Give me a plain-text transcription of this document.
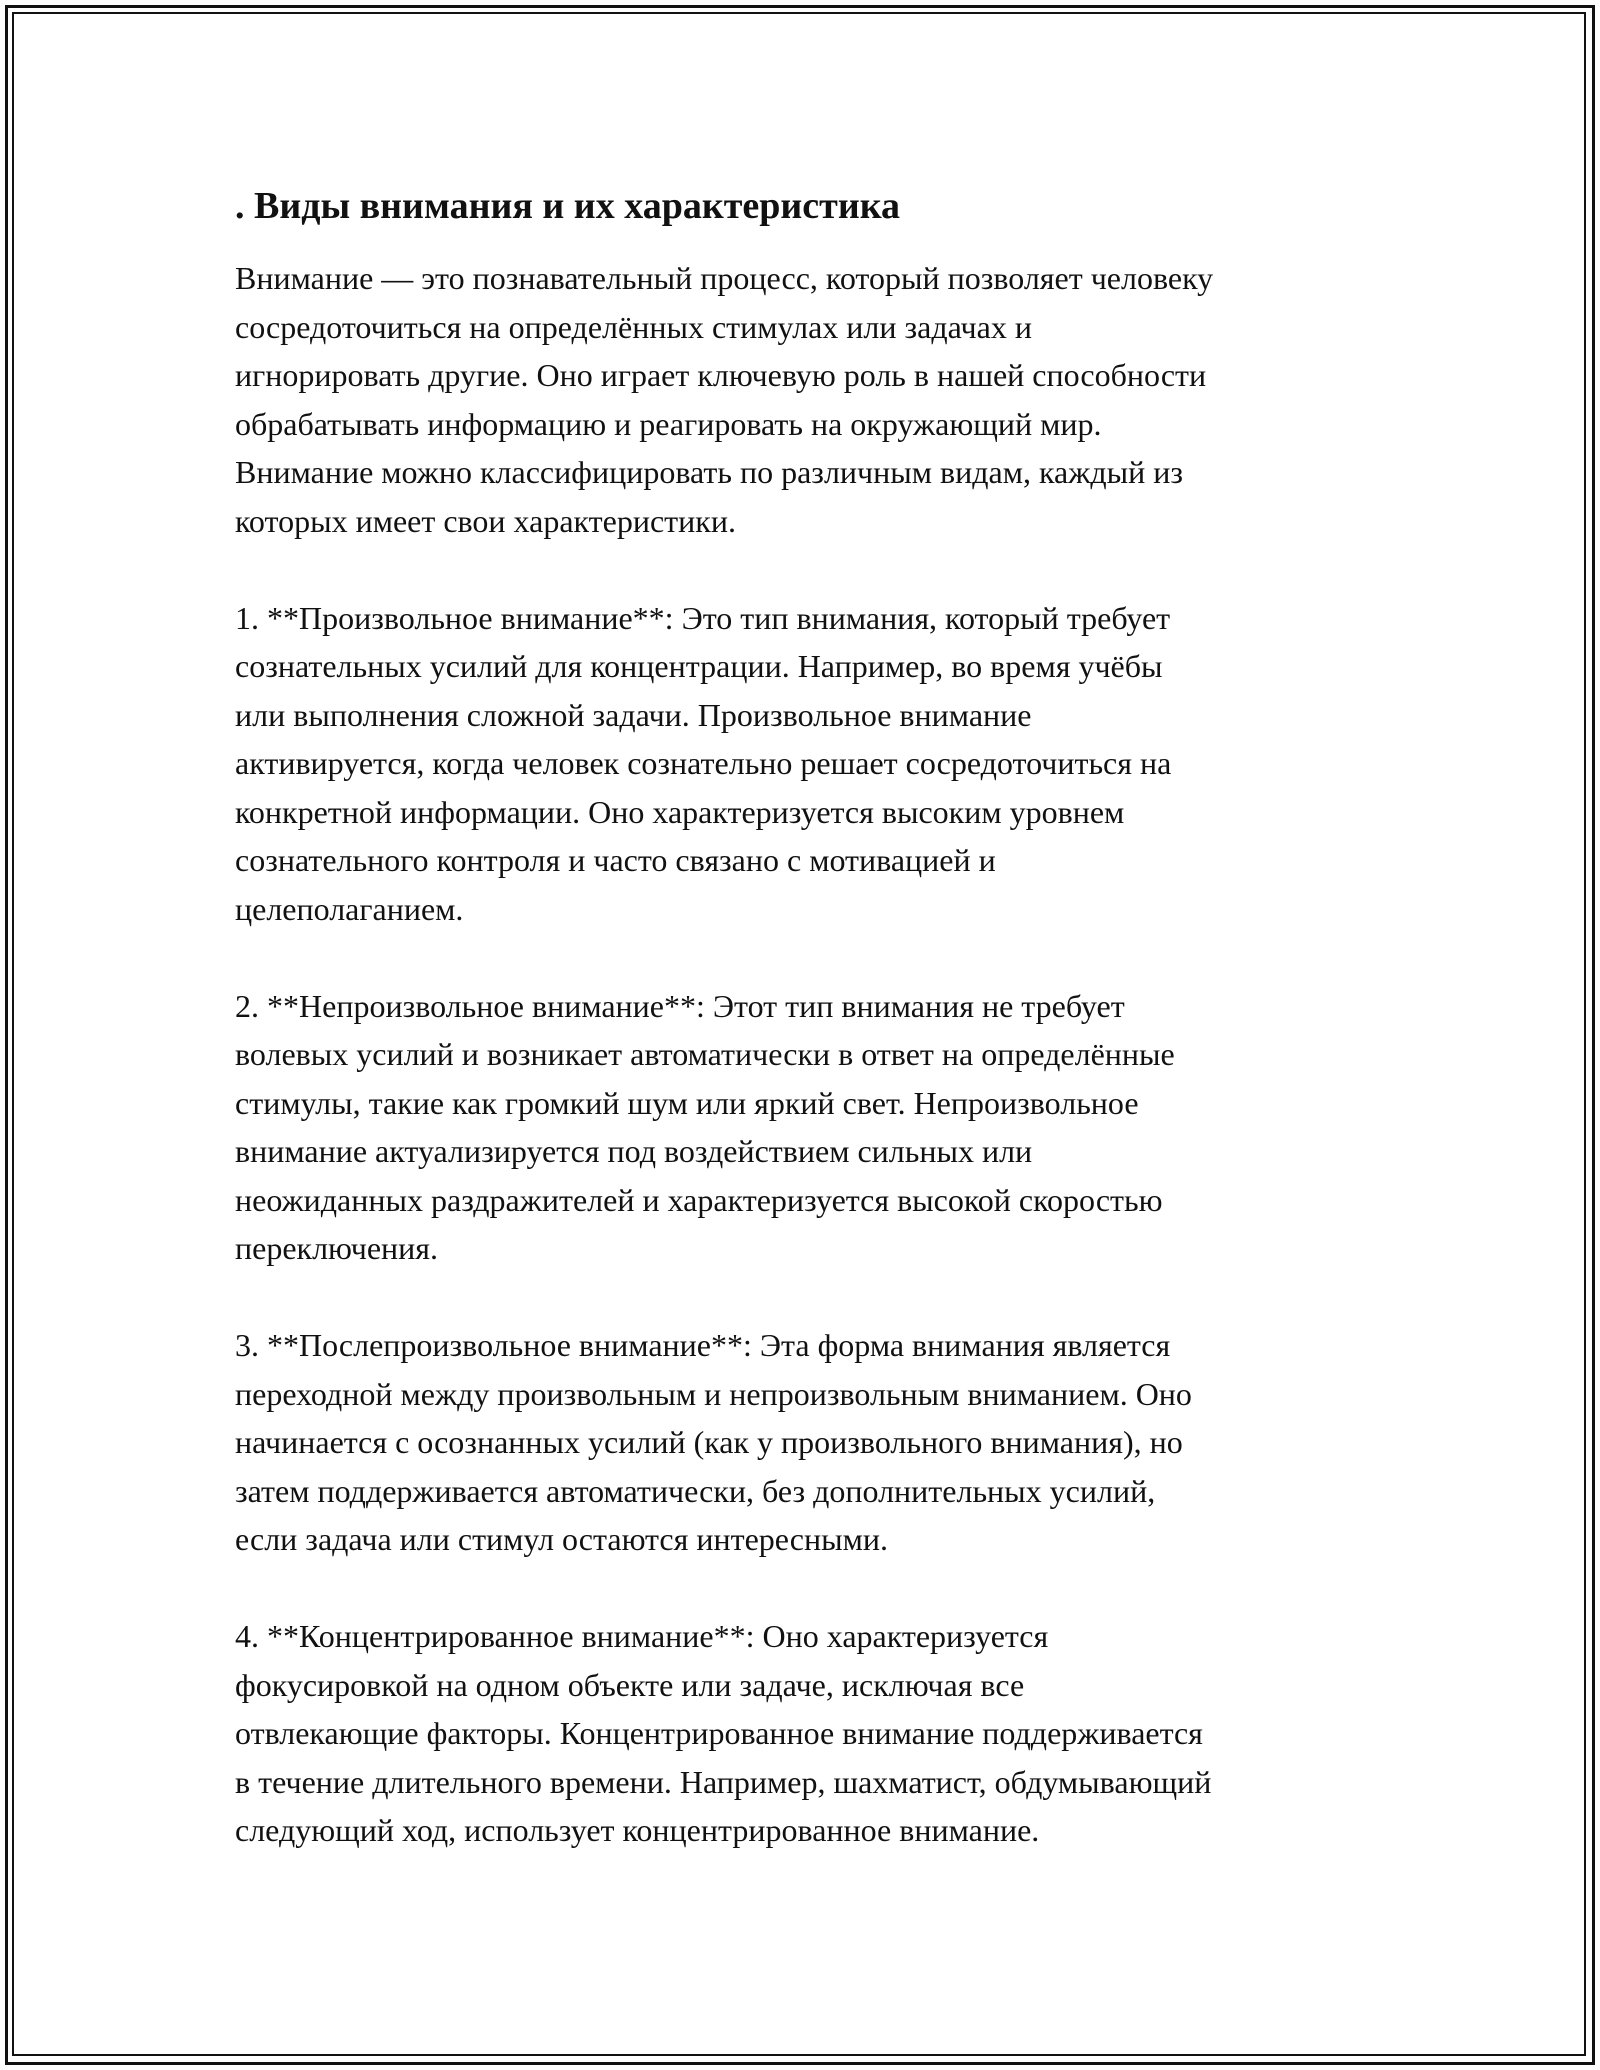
. Виды внимания и их характеристика
Внимание — это познавательный процесс, который позволяет человеку
сосредоточиться на определённых стимулах или задачах и
игнорировать другие. Оно играет ключевую роль в нашей способности
обрабатывать информацию и реагировать на окружающий мир.
Внимание можно классифицировать по различным видам, каждый из
которых имеет свои характеристики.
1. **Произвольное внимание**: Это тип внимания, который требует
сознательных усилий для концентрации. Например, во время учёбы
или выполнения сложной задачи. Произвольное внимание
активируется, когда человек сознательно решает сосредоточиться на
конкретной информации. Оно характеризуется высоким уровнем
сознательного контроля и часто связано с мотивацией и
целеполаганием.
2. **Непроизвольное внимание**: Этот тип внимания не требует
волевых усилий и возникает автоматически в ответ на определённые
стимулы, такие как громкий шум или яркий свет. Непроизвольное
внимание актуализируется под воздействием сильных или
неожиданных раздражителей и характеризуется высокой скоростью
переключения.
3. **Послепроизвольное внимание**: Эта форма внимания является
переходной между произвольным и непроизвольным вниманием. Оно
начинается с осознанных усилий (как у произвольного внимания), но
затем поддерживается автоматически, без дополнительных усилий,
если задача или стимул остаются интересными.
4. **Концентрированное внимание**: Оно характеризуется
фокусировкой на одном объекте или задаче, исключая все
отвлекающие факторы. Концентрированное внимание поддерживается
в течение длительного времени. Например, шахматист, обдумывающий
следующий ход, использует концентрированное внимание.
